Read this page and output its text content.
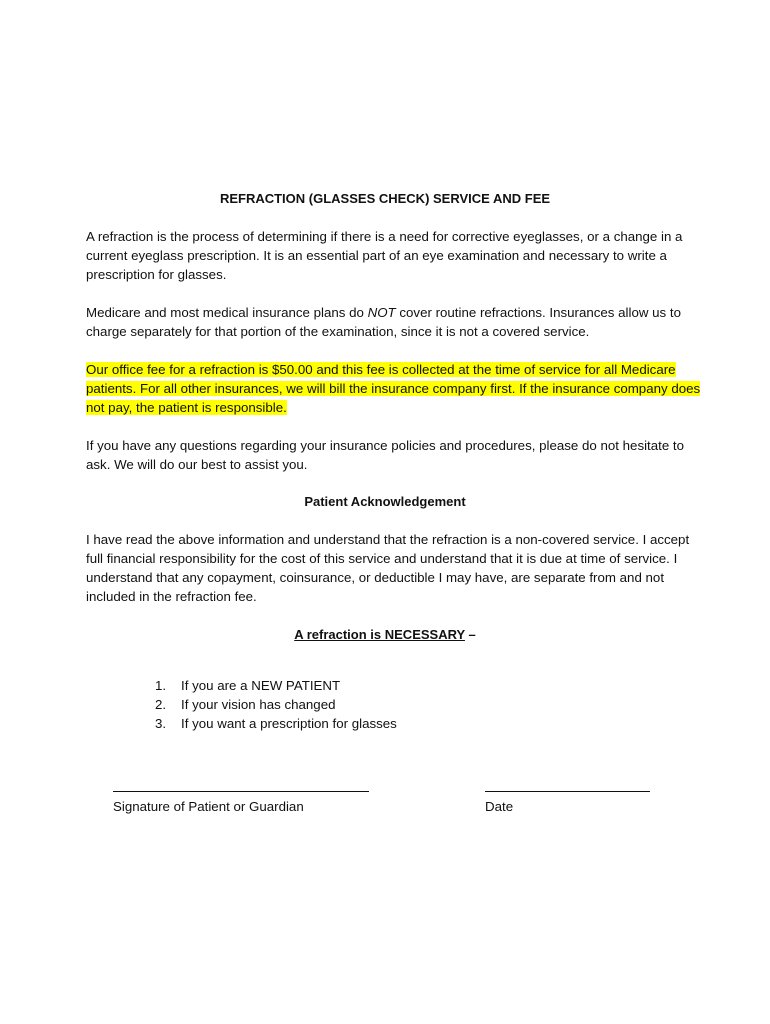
REFRACTION (GLASSES CHECK) SERVICE AND FEE

A refraction is the process of determining if there is a need for corrective eyeglasses, or a change in a current eyeglass prescription. It is an essential part of an eye examination and necessary to write a prescription for glasses.

Medicare and most medical insurance plans do NOT cover routine refractions. Insurances allow us to charge separately for that portion of the examination, since it is not a covered service.

Our office fee for a refraction is $50.00 and this fee is collected at the time of service for all Medicare patients. For all other insurances, we will bill the insurance company first. If the insurance company does not pay, the patient is responsible.

If you have any questions regarding your insurance policies and procedures, please do not hesitate to ask. We will do our best to assist you.

Patient Acknowledgement

I have read the above information and understand that the refraction is a non-covered service. I accept full financial responsibility for the cost of this service and understand that it is due at time of service. I understand that any copayment, coinsurance, or deductible I may have, are separate from and not included in the refraction fee.

A refraction is NECESSARY –
1.	If you are a NEW PATIENT
2.	If your vision has changed
3.	If you want a prescription for glasses
Signature of Patient or Guardian	Date
